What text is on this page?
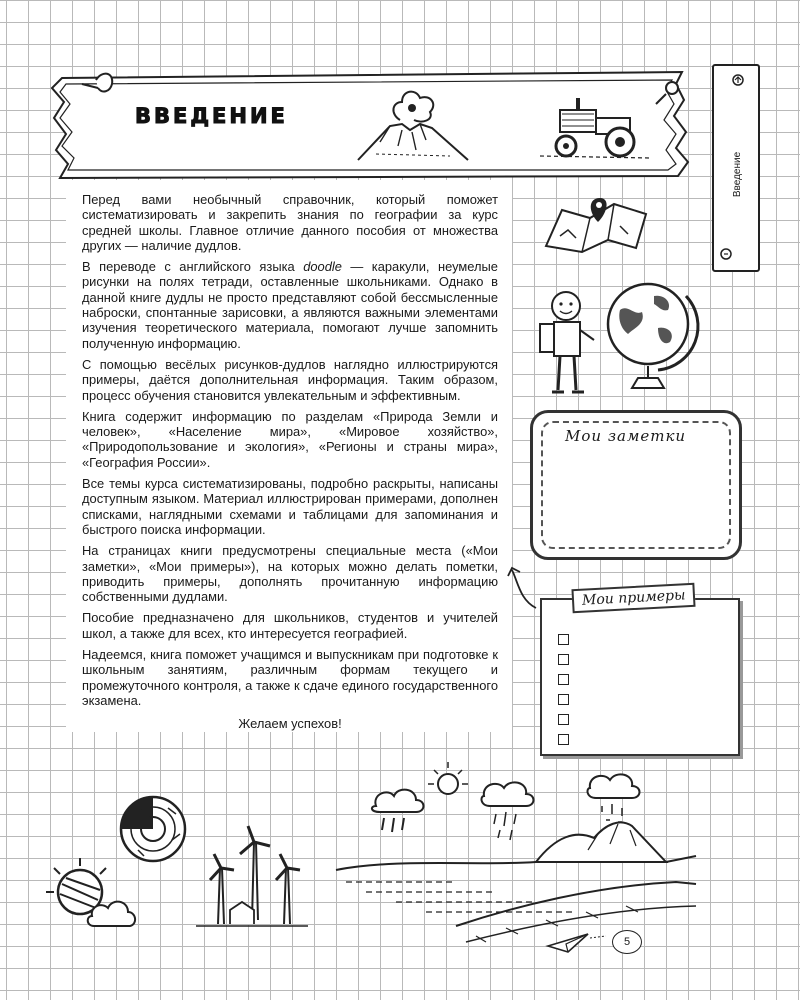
ВВЕДЕНИЕ
Введение

Перед вами необычный справочник, который поможет систематизировать и закрепить знания по географии за курс средней школы. Главное отличие данного пособия от множества других — наличие дудлов.

В переводе с английского языка doodle — каракули, неумелые рисунки на полях тетради, оставленные школьниками. Однако в данной книге дудлы не просто представляют собой бессмысленные наброски, спонтанные зарисовки, а являются важными элементами изучения теоретического материала, помогают лучше запомнить полученную информацию.

С помощью весёлых рисунков-дудлов наглядно иллюстрируются примеры, даётся дополнительная информация. Таким образом, процесс обучения становится увлекательным и эффективным.

Книга содержит информацию по разделам «Природа Земли и человек», «Население мира», «Мировое хозяйство», «Природопользование и экология», «Регионы и страны мира», «География России».

Все темы курса систематизированы, подробно раскрыты, написаны доступным языком. Материал иллюстрирован примерами, дополнен списками, наглядными схемами и таблицами для запоминания и быстрого поиска информации.

На страницах книги предусмотрены специальные места («Мои заметки», «Мои примеры»), на которых можно делать пометки, приводить примеры, дополнять прочитанную информацию собственными дудлами.

Пособие предназначено для школьников, студентов и учителей школ, а также для всех, кто интересуется географией.

Надеемся, книга поможет учащимся и выпускникам при подготовке к школьным занятиям, различным формам текущего и промежуточного контроля, а также к сдаче единого государственного экзамена.

Желаем успехов!

Мои заметки
Мои примеры
5
